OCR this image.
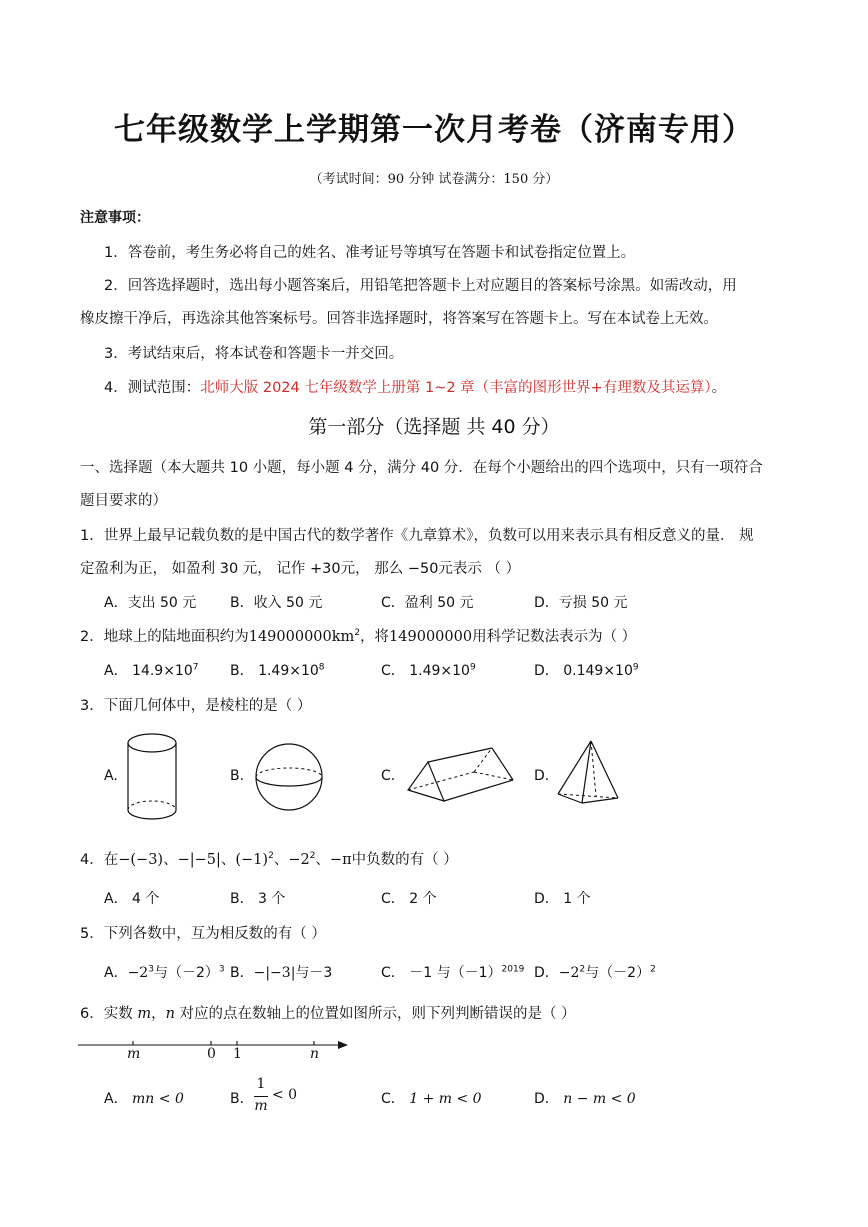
七年级数学上学期第一次月考卷（济南专用）
（考试时间：90 分钟 试卷满分：150 分）
注意事项：
1．答卷前，考生务必将自己的姓名、准考证号等填写在答题卡和试卷指定位置上。
2．回答选择题时，选出每小题答案后，用铅笔把答题卡上对应题目的答案标号涂黑。如需改动，用
橡皮擦干净后，再选涂其他答案标号。回答非选择题时，将答案写在答题卡上。写在本试卷上无效。
3．考试结束后，将本试卷和答题卡一并交回。
4．测试范围：北师大版 2024 七年级数学上册第 1~2 章（丰富的图形世界+有理数及其运算）。
第一部分（选择题 共 40 分）
一、选择题（本大题共 10 小题，每小题 4 分，满分 40 分．在每个小题给出的四个选项中，只有一项符合
题目要求的）
1．世界上最早记载负数的是中国古代的数学著作《九章算术》，负数可以用来表示具有相反意义的量． 规
定盈利为正， 如盈利 30 元， 记作 +30元， 那么 −50元表示 （ ）
A．支出 50 元 B．收入 50 元	C．盈利 50 元	D．亏损 50 元
2．地球上的陆地面积约为$149000000km^2$，将149000000用科学记数法表示为（ ）
A． $14.9\times 10^7$ B． $1.49\times 10^8$	C． $1.49\times 10^9$	D． $0.149\times 10^9$
3．下面几何体中，是棱柱的是（ ）
A.	B.	C.	D.
4．在−(−3)、−|−5|、$(-1)^2$、$-2^2$、−π中负数的有（ ）
A． 4 个	B． 3 个	C． 2 个	D． 1 个
5．下列各数中，互为相反数的有（ ）
A．$-2^3$与$(-2)^3$ B．−|−3|与－3	C． －1 与$(-1)^{2019}$ D．$-2^2$与$(-2)^2$
6．实数 m，n 对应的点在数轴上的位置如图所示，则下列判断错误的是（ ）
m	0 1	n
A． mn < 0	B．
1
m
< 0	C． 1 + m < 0	D． n − m < 0
